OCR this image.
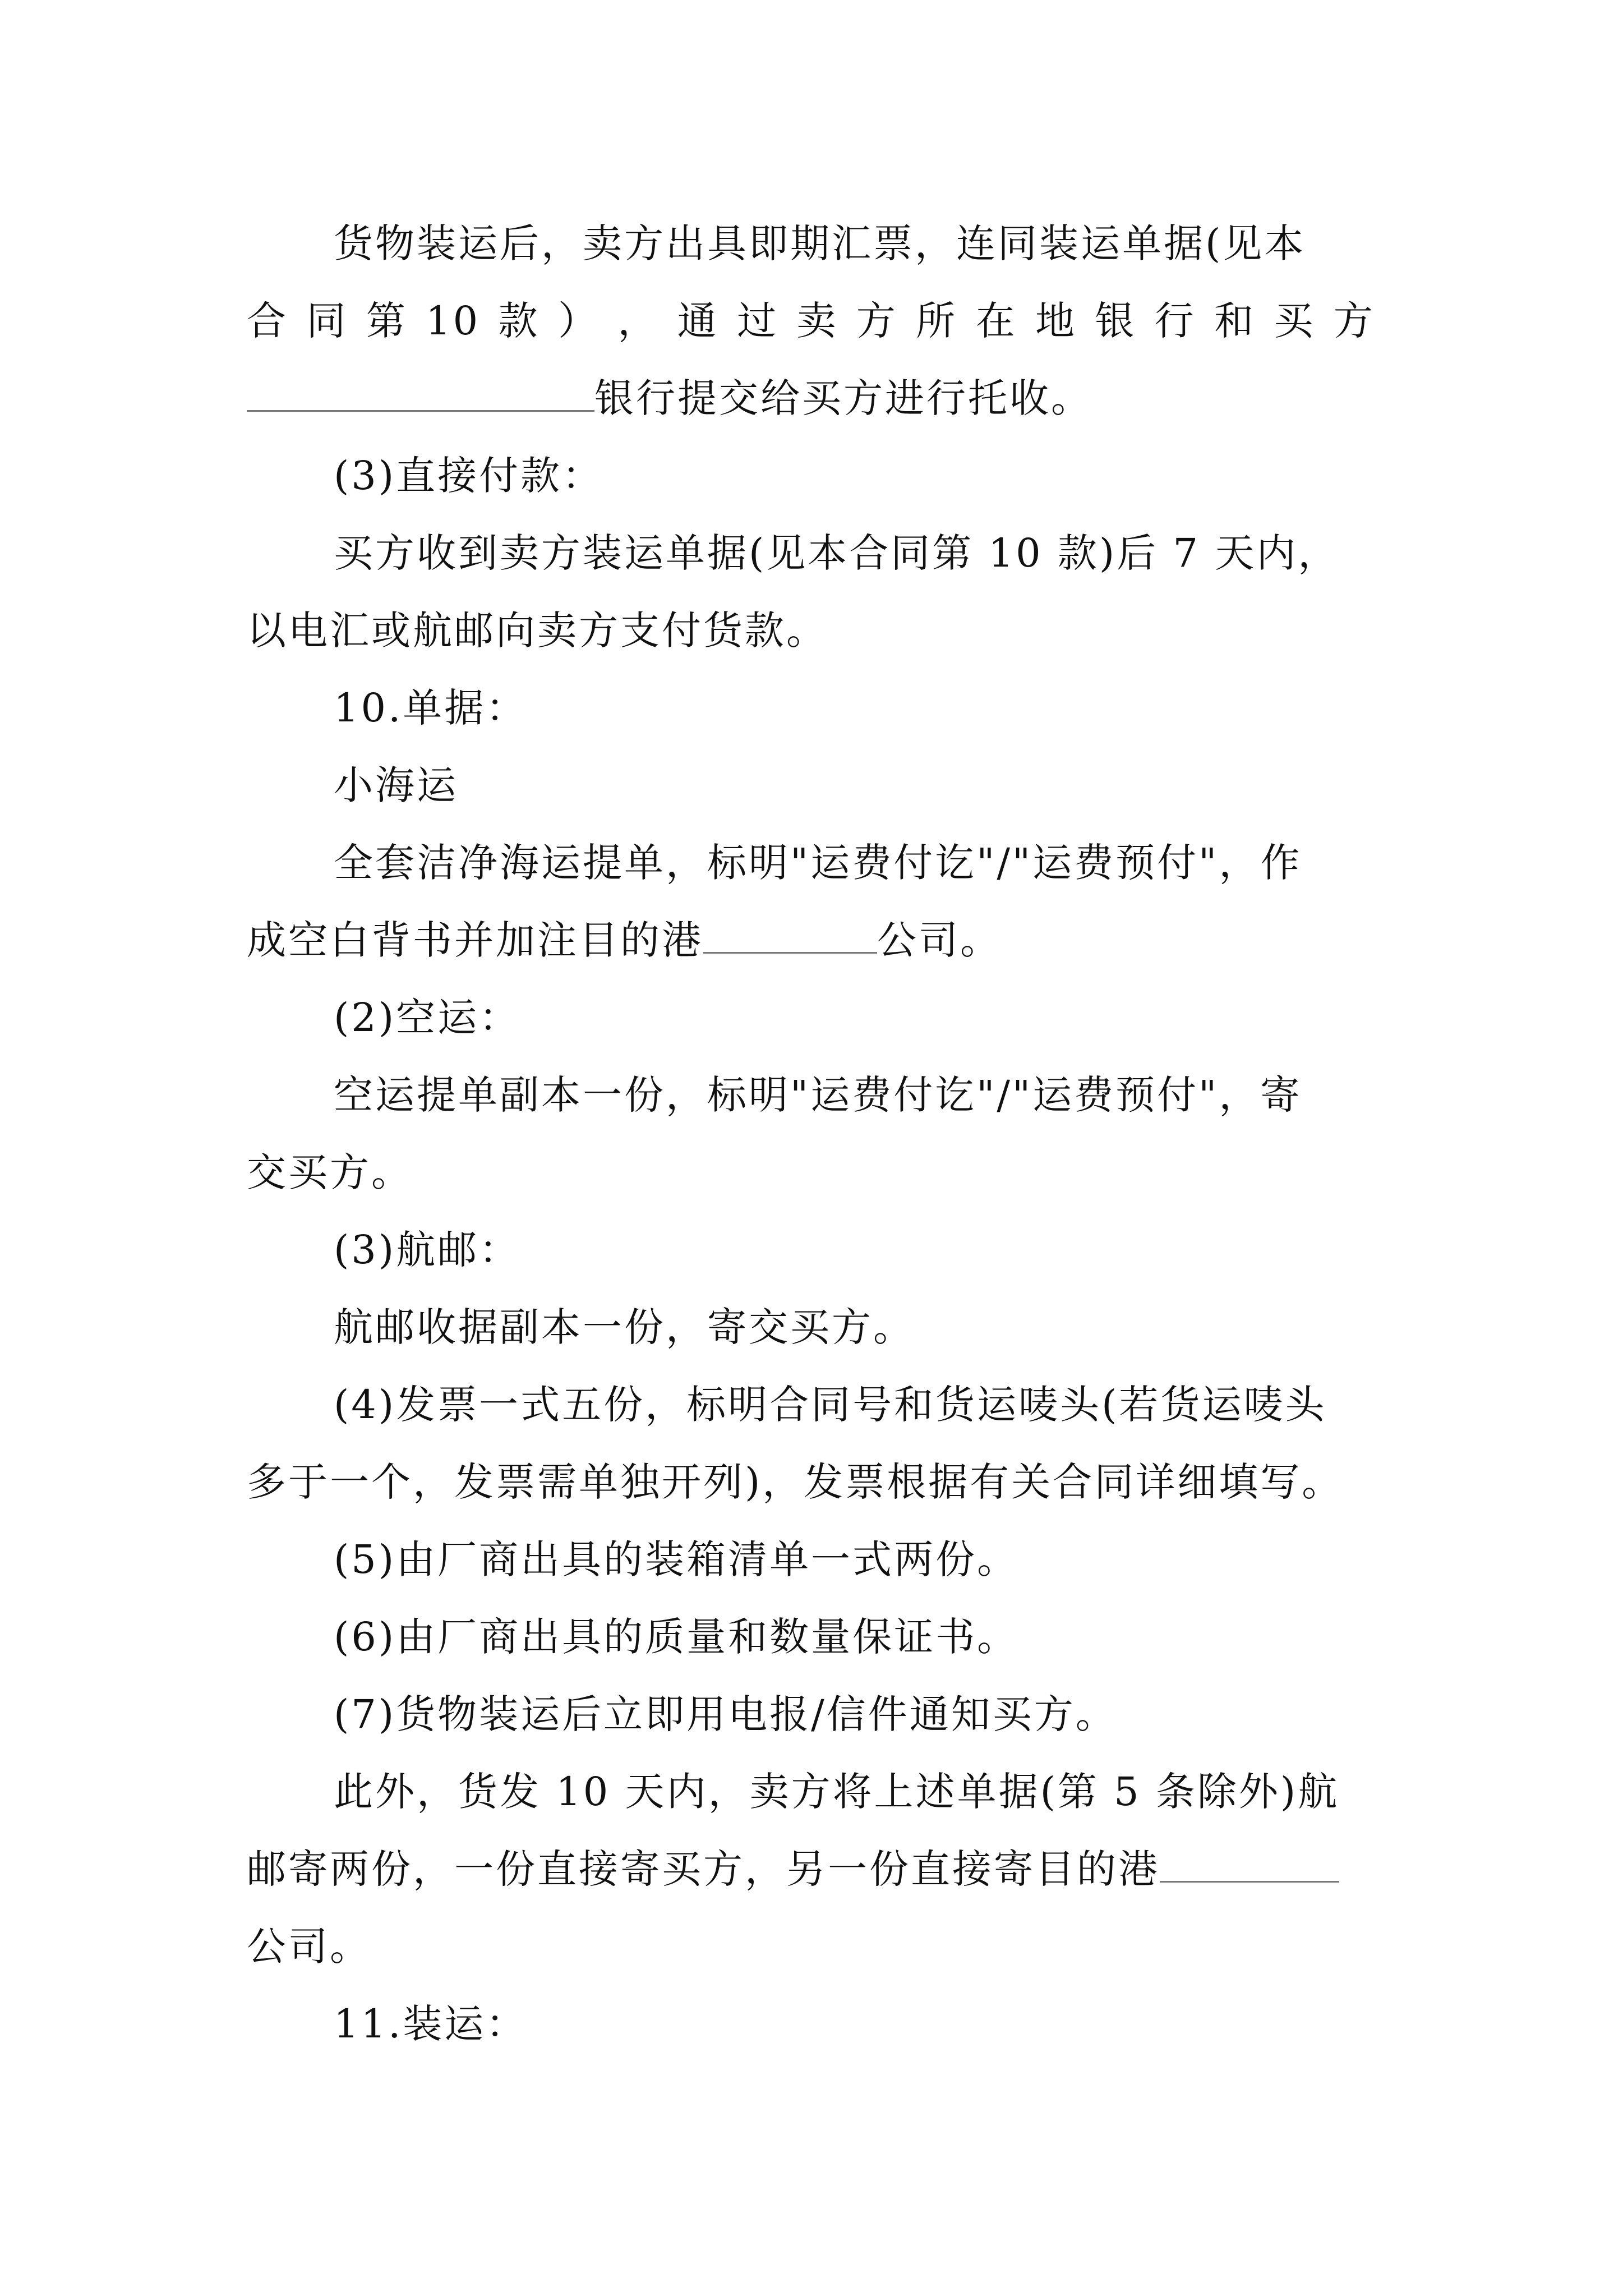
货物装运后，卖方出具即期汇票，连同装运单据(见本
合 同 第 10 款 ） ， 通 过 卖 方 所 在 地 银 行 和 买 方
银行提交给买方进行托收。
(3)直接付款：
买方收到卖方装运单据(见本合同第 10 款)后 7 天内，
以电汇或航邮向卖方支付货款。
10.单据：
小海运
全套洁净海运提单，标明"运费付讫"/"运费预付"，作
成空白背书并加注目的港	公司。
(2)空运：
空运提单副本一份，标明"运费付讫"/"运费预付"，寄
交买方。
(3)航邮：
航邮收据副本一份，寄交买方。
(4)发票一式五份，标明合同号和货运唛头(若货运唛头
多于一个，发票需单独开列)，发票根据有关合同详细填写。
(5)由厂商出具的装箱清单一式两份。
(6)由厂商出具的质量和数量保证书。
(7)货物装运后立即用电报/信件通知买方。
此外，货发 10 天内，卖方将上述单据(第 5 条除外)航
邮寄两份，一份直接寄买方，另一份直接寄目的港
公司。
11.装运：
